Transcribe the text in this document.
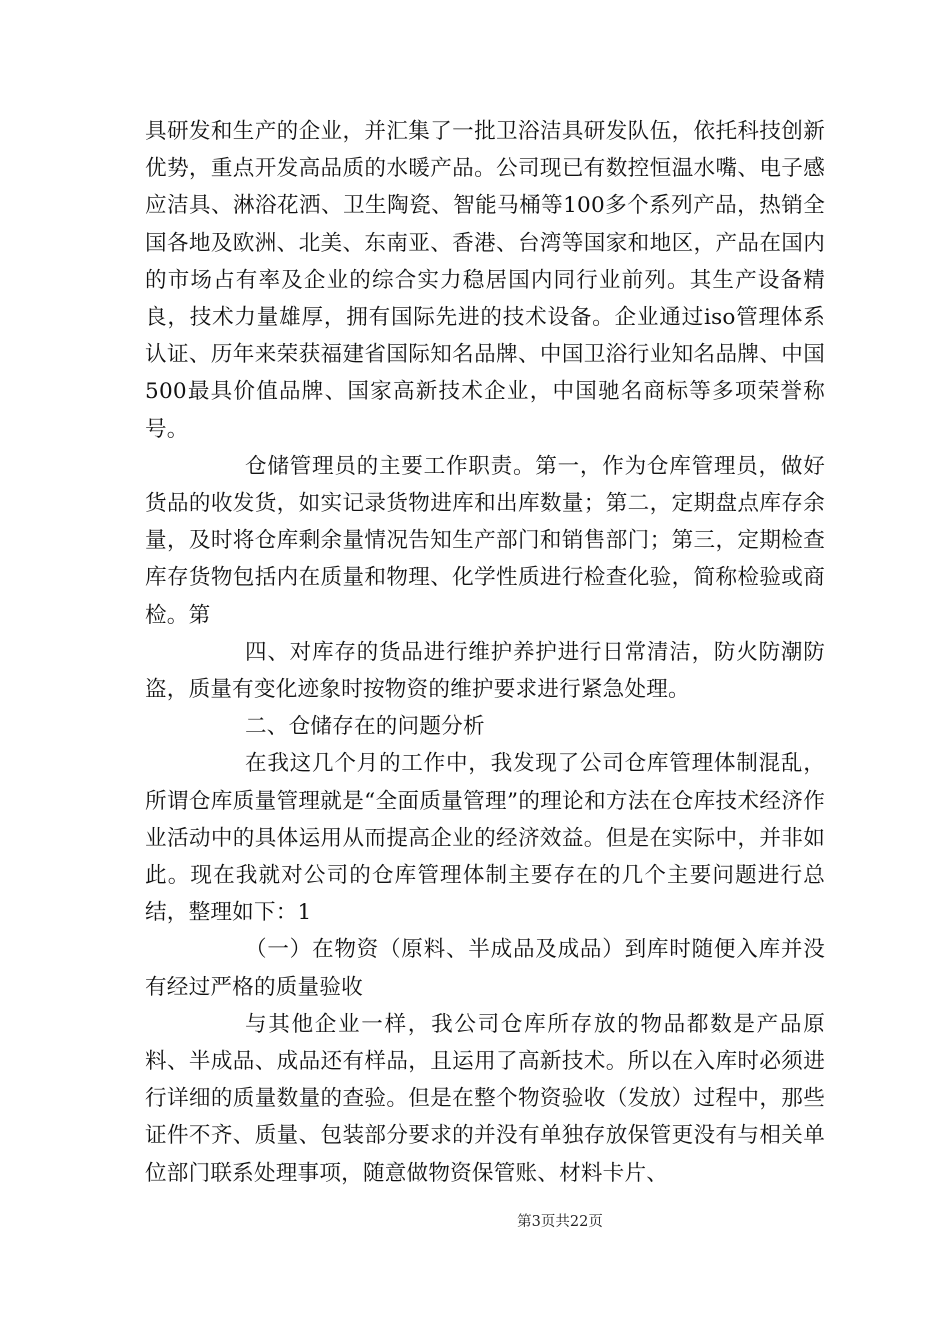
具研发和生产的企业，并汇集了一批卫浴洁具研发队伍，依托科技创新优势，重点开发高品质的水暖产品。公司现已有数控恒温水嘴、电子感应洁具、淋浴花洒、卫生陶瓷、智能马桶等100多个系列产品，热销全国各地及欧洲、北美、东南亚、香港、台湾等国家和地区，产品在国内的市场占有率及企业的综合实力稳居国内同行业前列。其生产设备精良，技术力量雄厚，拥有国际先进的技术设备。企业通过iso管理体系认证、历年来荣获福建省国际知名品牌、中国卫浴行业知名品牌、中国500最具价值品牌、国家高新技术企业，中国驰名商标等多项荣誉称号。

仓储管理员的主要工作职责。第一，作为仓库管理员，做好货品的收发货，如实记录货物进库和出库数量；第二，定期盘点库存余量，及时将仓库剩余量情况告知生产部门和销售部门；第三，定期检查库存货物包括内在质量和物理、化学性质进行检查化验，简称检验或商检。第

四、对库存的货品进行维护养护进行日常清洁，防火防潮防盗，质量有变化迹象时按物资的维护要求进行紧急处理。

二、仓储存在的问题分析

在我这几个月的工作中，我发现了公司仓库管理体制混乱，所谓仓库质量管理就是“全面质量管理”的理论和方法在仓库技术经济作业活动中的具体运用从而提高企业的经济效益。但是在实际中，并非如此。现在我就对公司的仓库管理体制主要存在的几个主要问题进行总结，整理如下：1

（一）在物资（原料、半成品及成品）到库时随便入库并没有经过严格的质量验收

与其他企业一样，我公司仓库所存放的物品都数是产品原料、半成品、成品还有样品，且运用了高新技术。所以在入库时必须进行详细的质量数量的查验。但是在整个物资验收（发放）过程中，那些证件不齐、质量、包装部分要求的并没有单独存放保管更没有与相关单位部门联系处理事项，随意做物资保管账、材料卡片、

第3页共22页
